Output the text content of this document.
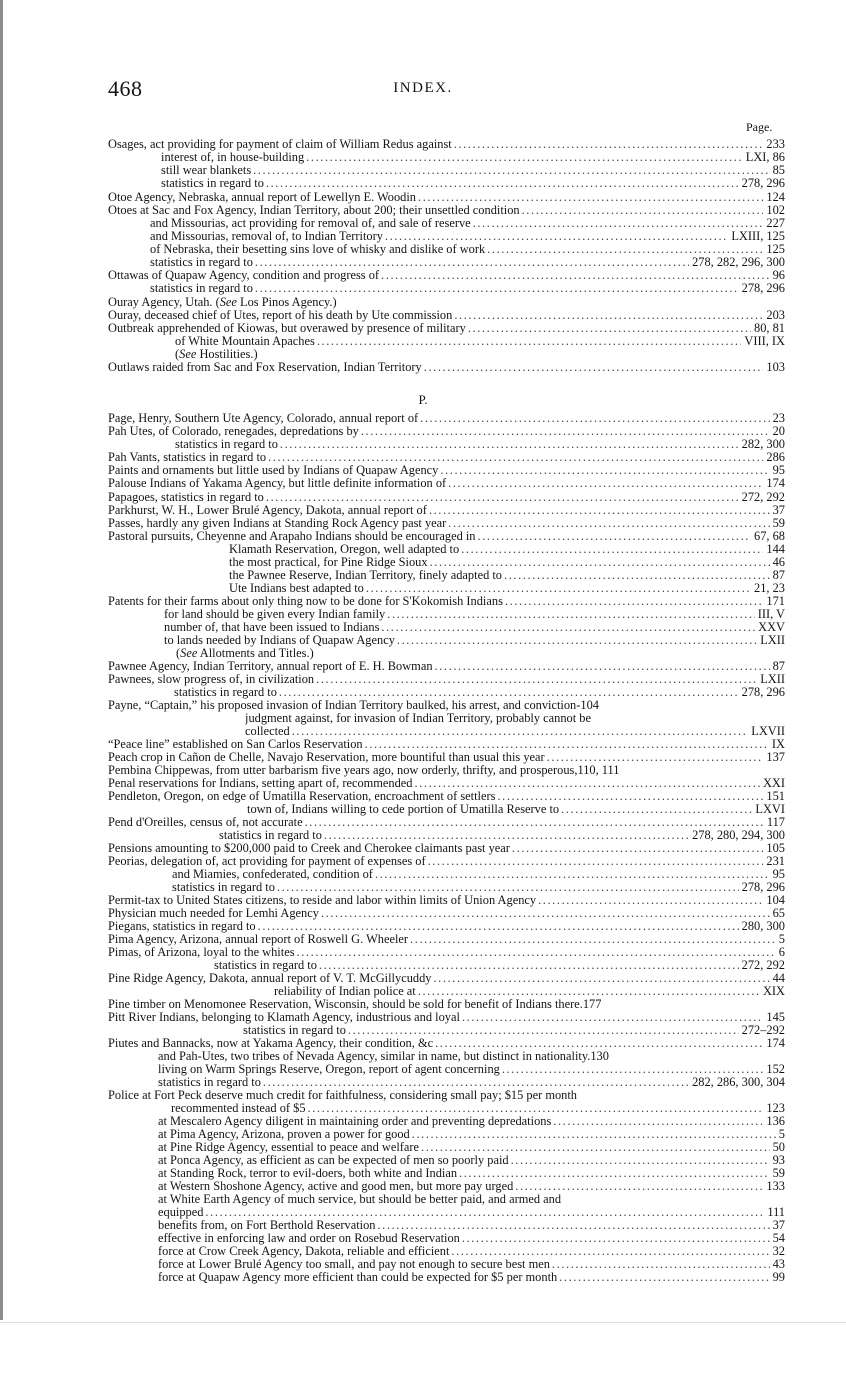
468	INDEX.
Page.
P.
Osages, act providing for payment of claim of William Redus against .....	233
interest of, in house-building .....	LXI, 86
still wear blankets .....	85
statistics in regard to .....	278, 296
Otoe Agency, Nebraska, annual report of Lewellyn E. Woodin .....	124
Otoes at Sac and Fox Agency, Indian Territory, about 200; their unsettled condition .....	102
and Missourias, act providing for removal of, and sale of reserve .....	227
and Missourias, removal of, to Indian Territory .....	LXIII, 125
of Nebraska, their besetting sins love of whisky and dislike of work .....	125
statistics in regard to .....	278, 282, 296, 300
Ottawas of Quapaw Agency, condition and progress of .....	96
statistics in regard to .....	278, 296
Ouray Agency, Utah. (See Los Pinos Agency.)
Ouray, deceased chief of Utes, report of his death by Ute commission .....	203
Outbreak apprehended of Kiowas, but overawed by presence of military .....	80, 81
of White Mountain Apaches .....	VIII, IX
(See Hostilities.)
Outlaws raided from Sac and Fox Reservation, Indian Territory .....	103
Page, Henry, Southern Ute Agency, Colorado, annual report of .....	23
Pah Utes, of Colorado, renegades, depredations by .....	20
statistics in regard to .....	282, 300
Pah Vants, statistics in regard to .....	286
Paints and ornaments but little used by Indians of Quapaw Agency .....	95
Palouse Indians of Yakama Agency, but little definite information of .....	174
Papagoes, statistics in regard to .....	272, 292
Parkhurst, W. H., Lower Brulé Agency, Dakota, annual report of .....	37
Passes, hardly any given Indians at Standing Rock Agency past year .....	59
Pastoral pursuits, Cheyenne and Arapaho Indians should be encouraged in .....	67, 68
Klamath Reservation, Oregon, well adapted to .....	144
the most practical, for Pine Ridge Sioux .....	46
the Pawnee Reserve, Indian Territory, finely adapted to .....	87
Ute Indians best adapted to .....	21, 23
Patents for their farms about only thing now to be done for S'Kokomish Indians .....	171
for land should be given every Indian family .....	III, V
number of, that have been issued to Indians .....	XXV
to lands needed by Indians of Quapaw Agency .....	LXII
(See Allotments and Titles.)
Pawnee Agency, Indian Territory, annual report of E. H. Bowman .....	87
Pawnees, slow progress of, in civilization .....	LXII
statistics in regard to .....	278, 296
Payne, “Captain,” his proposed invasion of Indian Territory baulked, his arrest, and conviction- 104
judgment against, for invasion of Indian Territory, probably cannot be
collected .....	LXVII
“Peace line” established on San Carlos Reservation .....	IX
Peach crop in Cañon de Chelle, Navajo Reservation, more bountiful than usual this year .....	137
Pembina Chippewas, from utter barbarism five years ago, now orderly, thrifty, and prosperous, 110, 111
Penal reservations for Indians, setting apart of, recommended .....	XXI
Pendleton, Oregon, on edge of Umatilla Reservation, encroachment of settlers .....	151
town of, Indians willing to cede portion of Umatilla Reserve to .....	LXVI
Pend d'Oreilles, census of, not accurate .....	117
statistics in regard to .....	278, 280, 294, 300
Pensions amounting to $200,000 paid to Creek and Cherokee claimants past year .....	105
Peorias, delegation of, act providing for payment of expenses of .....	231
and Miamies, confederated, condition of .....	95
statistics in regard to .....	278, 296
Permit-tax to United States citizens, to reside and labor within limits of Union Agency .....	104
Physician much needed for Lemhi Agency .....	65
Piegans, statistics in regard to .....	280, 300
Pima Agency, Arizona, annual report of Roswell G. Wheeler .....	5
Pimas, of Arizona, loyal to the whites .....	6
statistics in regard to .....	272, 292
Pine Ridge Agency, Dakota, annual report of V. T. McGillycuddy .....	44
reliability of Indian police at .....	XIX
Pine timber on Menomonee Reservation, Wisconsin, should be sold for benefit of Indians there. 177
Pitt River Indians, belonging to Klamath Agency, industrious and loyal .....	145
statistics in regard to .....	272–292
Piutes and Bannacks, now at Yakama Agency, their condition, &c .....	174
and Pah-Utes, two tribes of Nevada Agency, similar in name, but distinct in nationality. 130
living on Warm Springs Reserve, Oregon, report of agent concerning .....	152
statistics in regard to .....	282, 286, 300, 304
Police at Fort Peck deserve much credit for faithfulness, considering small pay; $15 per month
recommented instead of $5 .....	123
at Mescalero Agency diligent in maintaining order and preventing depredations .....	136
at Pima Agency, Arizona, proven a power for good .....	5
at Pine Ridge Agency, essential to peace and welfare .....	50
at Ponca Agency, as efficient as can be expected of men so poorly paid .....	93
at Standing Rock, terror to evil-doers, both white and Indian .....	59
at Western Shoshone Agency, active and good men, but more pay urged .....	133
at White Earth Agency of much service, but should be better paid, and armed and
equipped .....	111
benefits from, on Fort Berthold Reservation .....	37
effective in enforcing law and order on Rosebud Reservation .....	54
force at Crow Creek Agency, Dakota, reliable and efficient .....	32
force at Lower Brulé Agency too small, and pay not enough to secure best men .....	43
force at Quapaw Agency more efficient than could be expected for $5 per month .....	99
